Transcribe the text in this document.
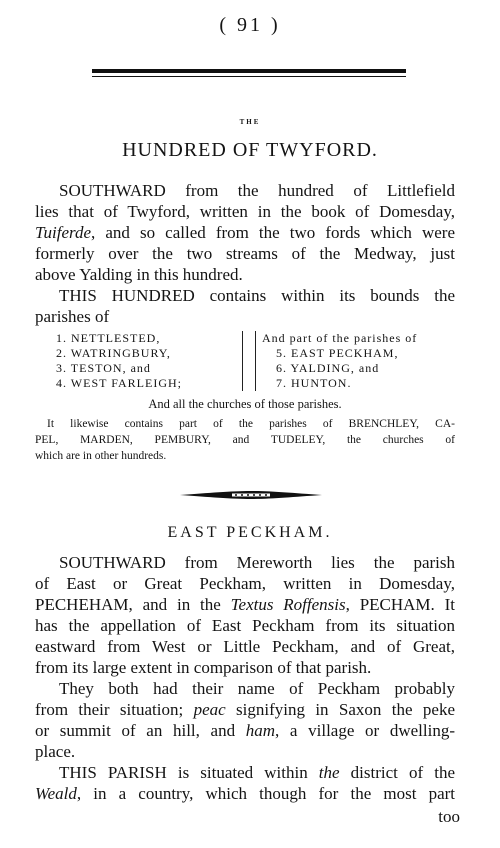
( 91 )
THE
HUNDRED OF TWYFORD.
SOUTHWARD from the hundred of Littlefield
lies that of Twyford, written in the book of Domesday,
Tuiferde, and so called from the two fords which were
formerly over the two streams of the Medway, just
above Yalding in this hundred.
THIS HUNDRED contains within its bounds the
parishes of
1. NETTLESTED,	And part of the parishes of
2. WATRINGBURY,	5. EAST PECKHAM,
3. TESTON, and	6. YALDING, and
4. WEST FARLEIGH;	7. HUNTON.
And all the churches of those parishes.
It likewise contains part of the parishes of BRENCHLEY, CA-
PEL, MARDEN, PEMBURY, and TUDELEY, the churches of
which are in other hundreds.
EAST PECKHAM.
SOUTHWARD from Mereworth lies the parish
of East or Great Peckham, written in Domesday,
PECHEHAM, and in the Textus Roffensis, PECHAM. It
has the appellation of East Peckham from its situation
eastward from West or Little Peckham, and of Great,
from its large extent in comparison of that parish.
They both had their name of Peckham probably
from their situation; peac signifying in Saxon the peke
or summit of an hill, and ham, a village or dwelling-
place.
THIS PARISH is situated within the district of the
Weald, in a country, which though for the most part
too
